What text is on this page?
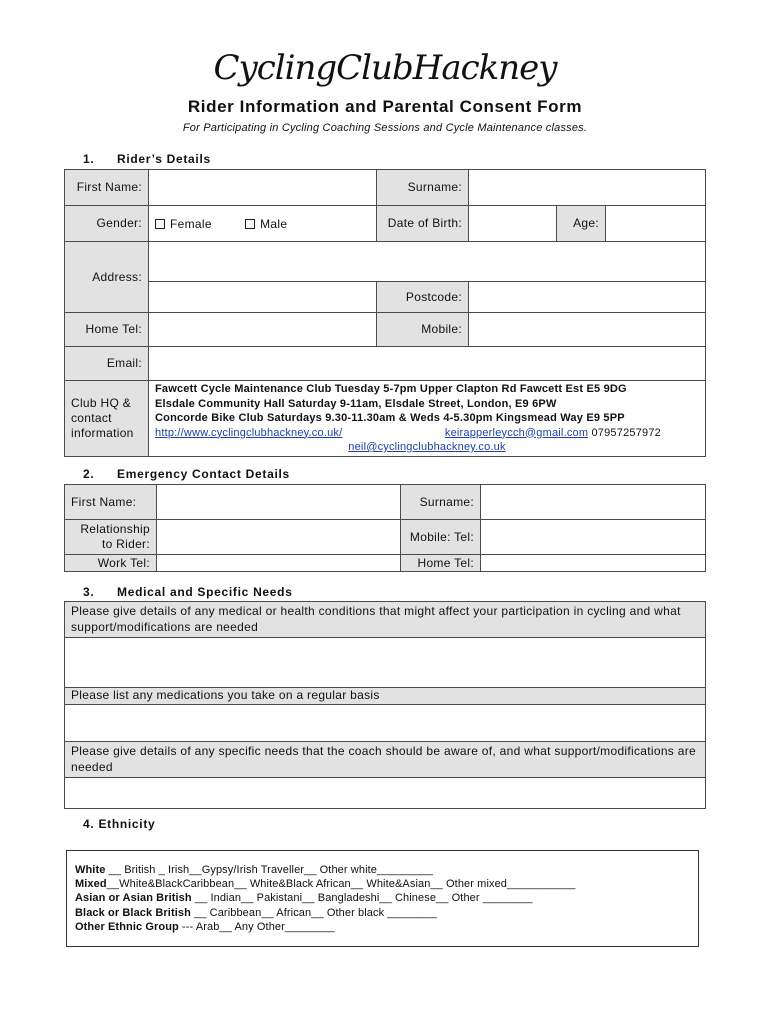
CyclingClubHackney
Rider Information and Parental Consent Form
For Participating in Cycling Coaching Sessions and Cycle Maintenance classes.
1. Rider’s Details
First Name:		Surname:			
Gender:	Female Male	Date of Birth:		Age:	
Address:					
		Postcode:			
Home Tel:		Mobile:			
Email:					
Club HQ & contact information	Fawcett Cycle Maintenance Club Tuesday 5-7pm Upper Clapton Rd Fawcett Est E5 9DG
Elsdale Community Hall Saturday 9-11am, Elsdale Street, London, E9 6PW
Concorde Bike Club Saturdays 9.30-11.30am & Weds 4-5.30pm Kingsmead Way E9 5PP
http://www.cyclingclubhackney.co.uk/ keirapperleycch@gmail.com 07957257972
neil@cyclingclubhackney.co.uk				
2. Emergency Contact Details
First Name:		Surname:	
Relationship to Rider:		Mobile: Tel:	
Work Tel:		Home Tel:	
3. Medical and Specific Needs
Please give details of any medical or health conditions that might affect your participation in cycling and what support/modifications are needed

Please list any medications you take on a regular basis

Please give details of any specific needs that the coach should be aware of, and what support/modifications are needed

4. Ethnicity
White __ British _ Irish__Gypsy/Irish Traveller__ Other white_________
Mixed__White&BlackCaribbean__ White&Black African__ White&Asian__ Other mixed___________
Asian or Asian British __ Indian__ Pakistani__ Bangladeshi__ Chinese__ Other ________
Black or Black British __ Caribbean__ African__ Other black ________
Other Ethnic Group --- Arab__ Any Other________
